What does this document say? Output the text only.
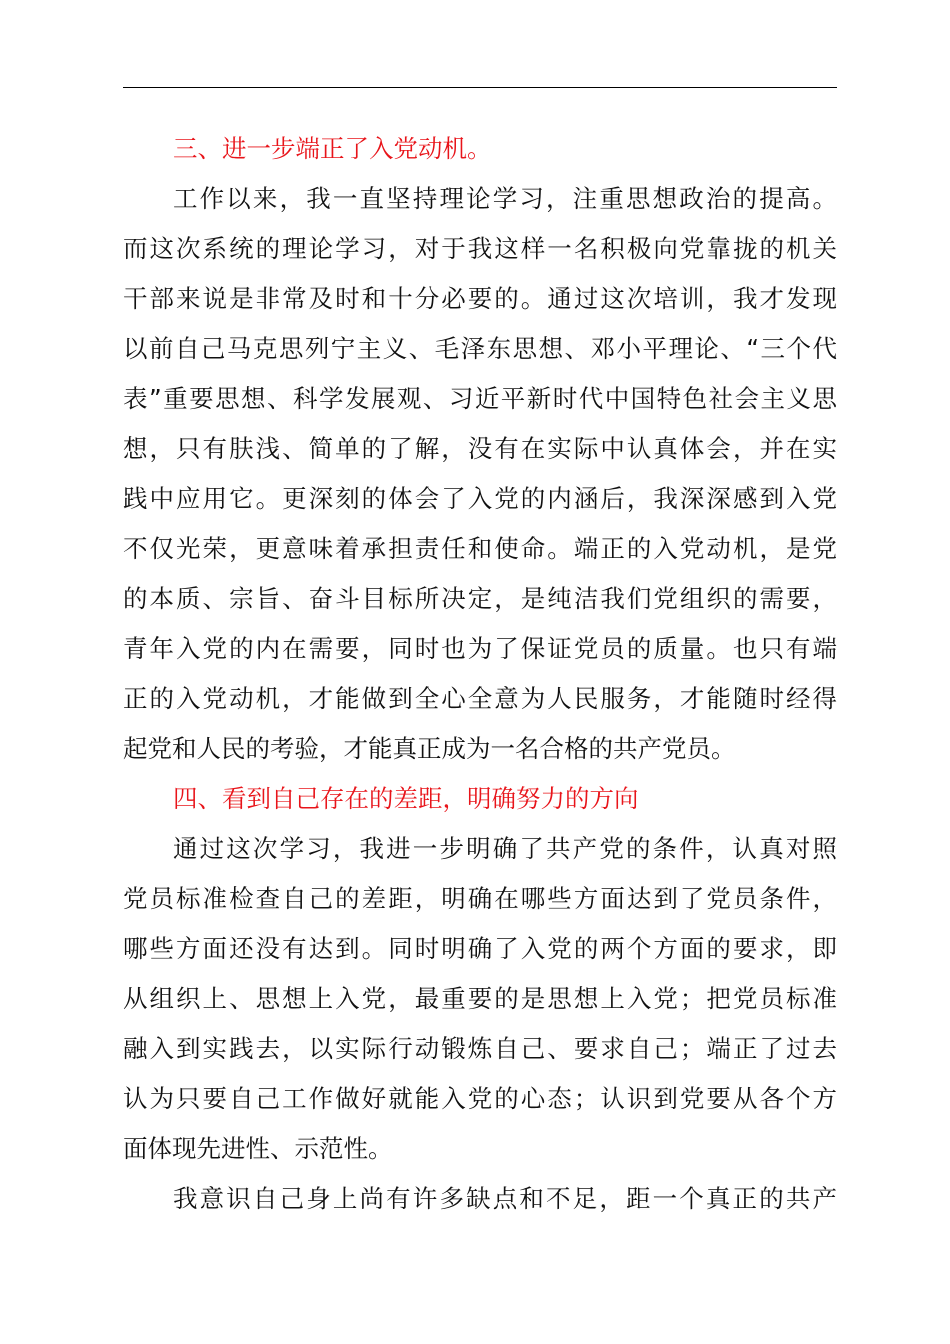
三、进一步端正了入党动机。
工作以来，我一直坚持理论学习，注重思想政治的提高。
而这次系统的理论学习，对于我这样一名积极向党靠拢的机关
干部来说是非常及时和十分必要的。通过这次培训，我才发现
以前自己马克思列宁主义、毛泽东思想、邓小平理论、“三个代
表”重要思想、科学发展观、习近平新时代中国特色社会主义思
想，只有肤浅、简单的了解，没有在实际中认真体会，并在实
践中应用它。更深刻的体会了入党的内涵后，我深深感到入党
不仅光荣，更意味着承担责任和使命。端正的入党动机，是党
的本质、宗旨、奋斗目标所决定，是纯洁我们党组织的需要，
青年入党的内在需要，同时也为了保证党员的质量。也只有端
正的入党动机，才能做到全心全意为人民服务，才能随时经得
起党和人民的考验，才能真正成为一名合格的共产党员。
四、看到自己存在的差距，明确努力的方向
通过这次学习，我进一步明确了共产党的条件，认真对照
党员标准检查自己的差距，明确在哪些方面达到了党员条件，
哪些方面还没有达到。同时明确了入党的两个方面的要求，即
从组织上、思想上入党，最重要的是思想上入党；把党员标准
融入到实践去，以实际行动锻炼自己、要求自己；端正了过去
认为只要自己工作做好就能入党的心态；认识到党要从各个方
面体现先进性、示范性。
我意识自己身上尚有许多缺点和不足，距一个真正的共产
